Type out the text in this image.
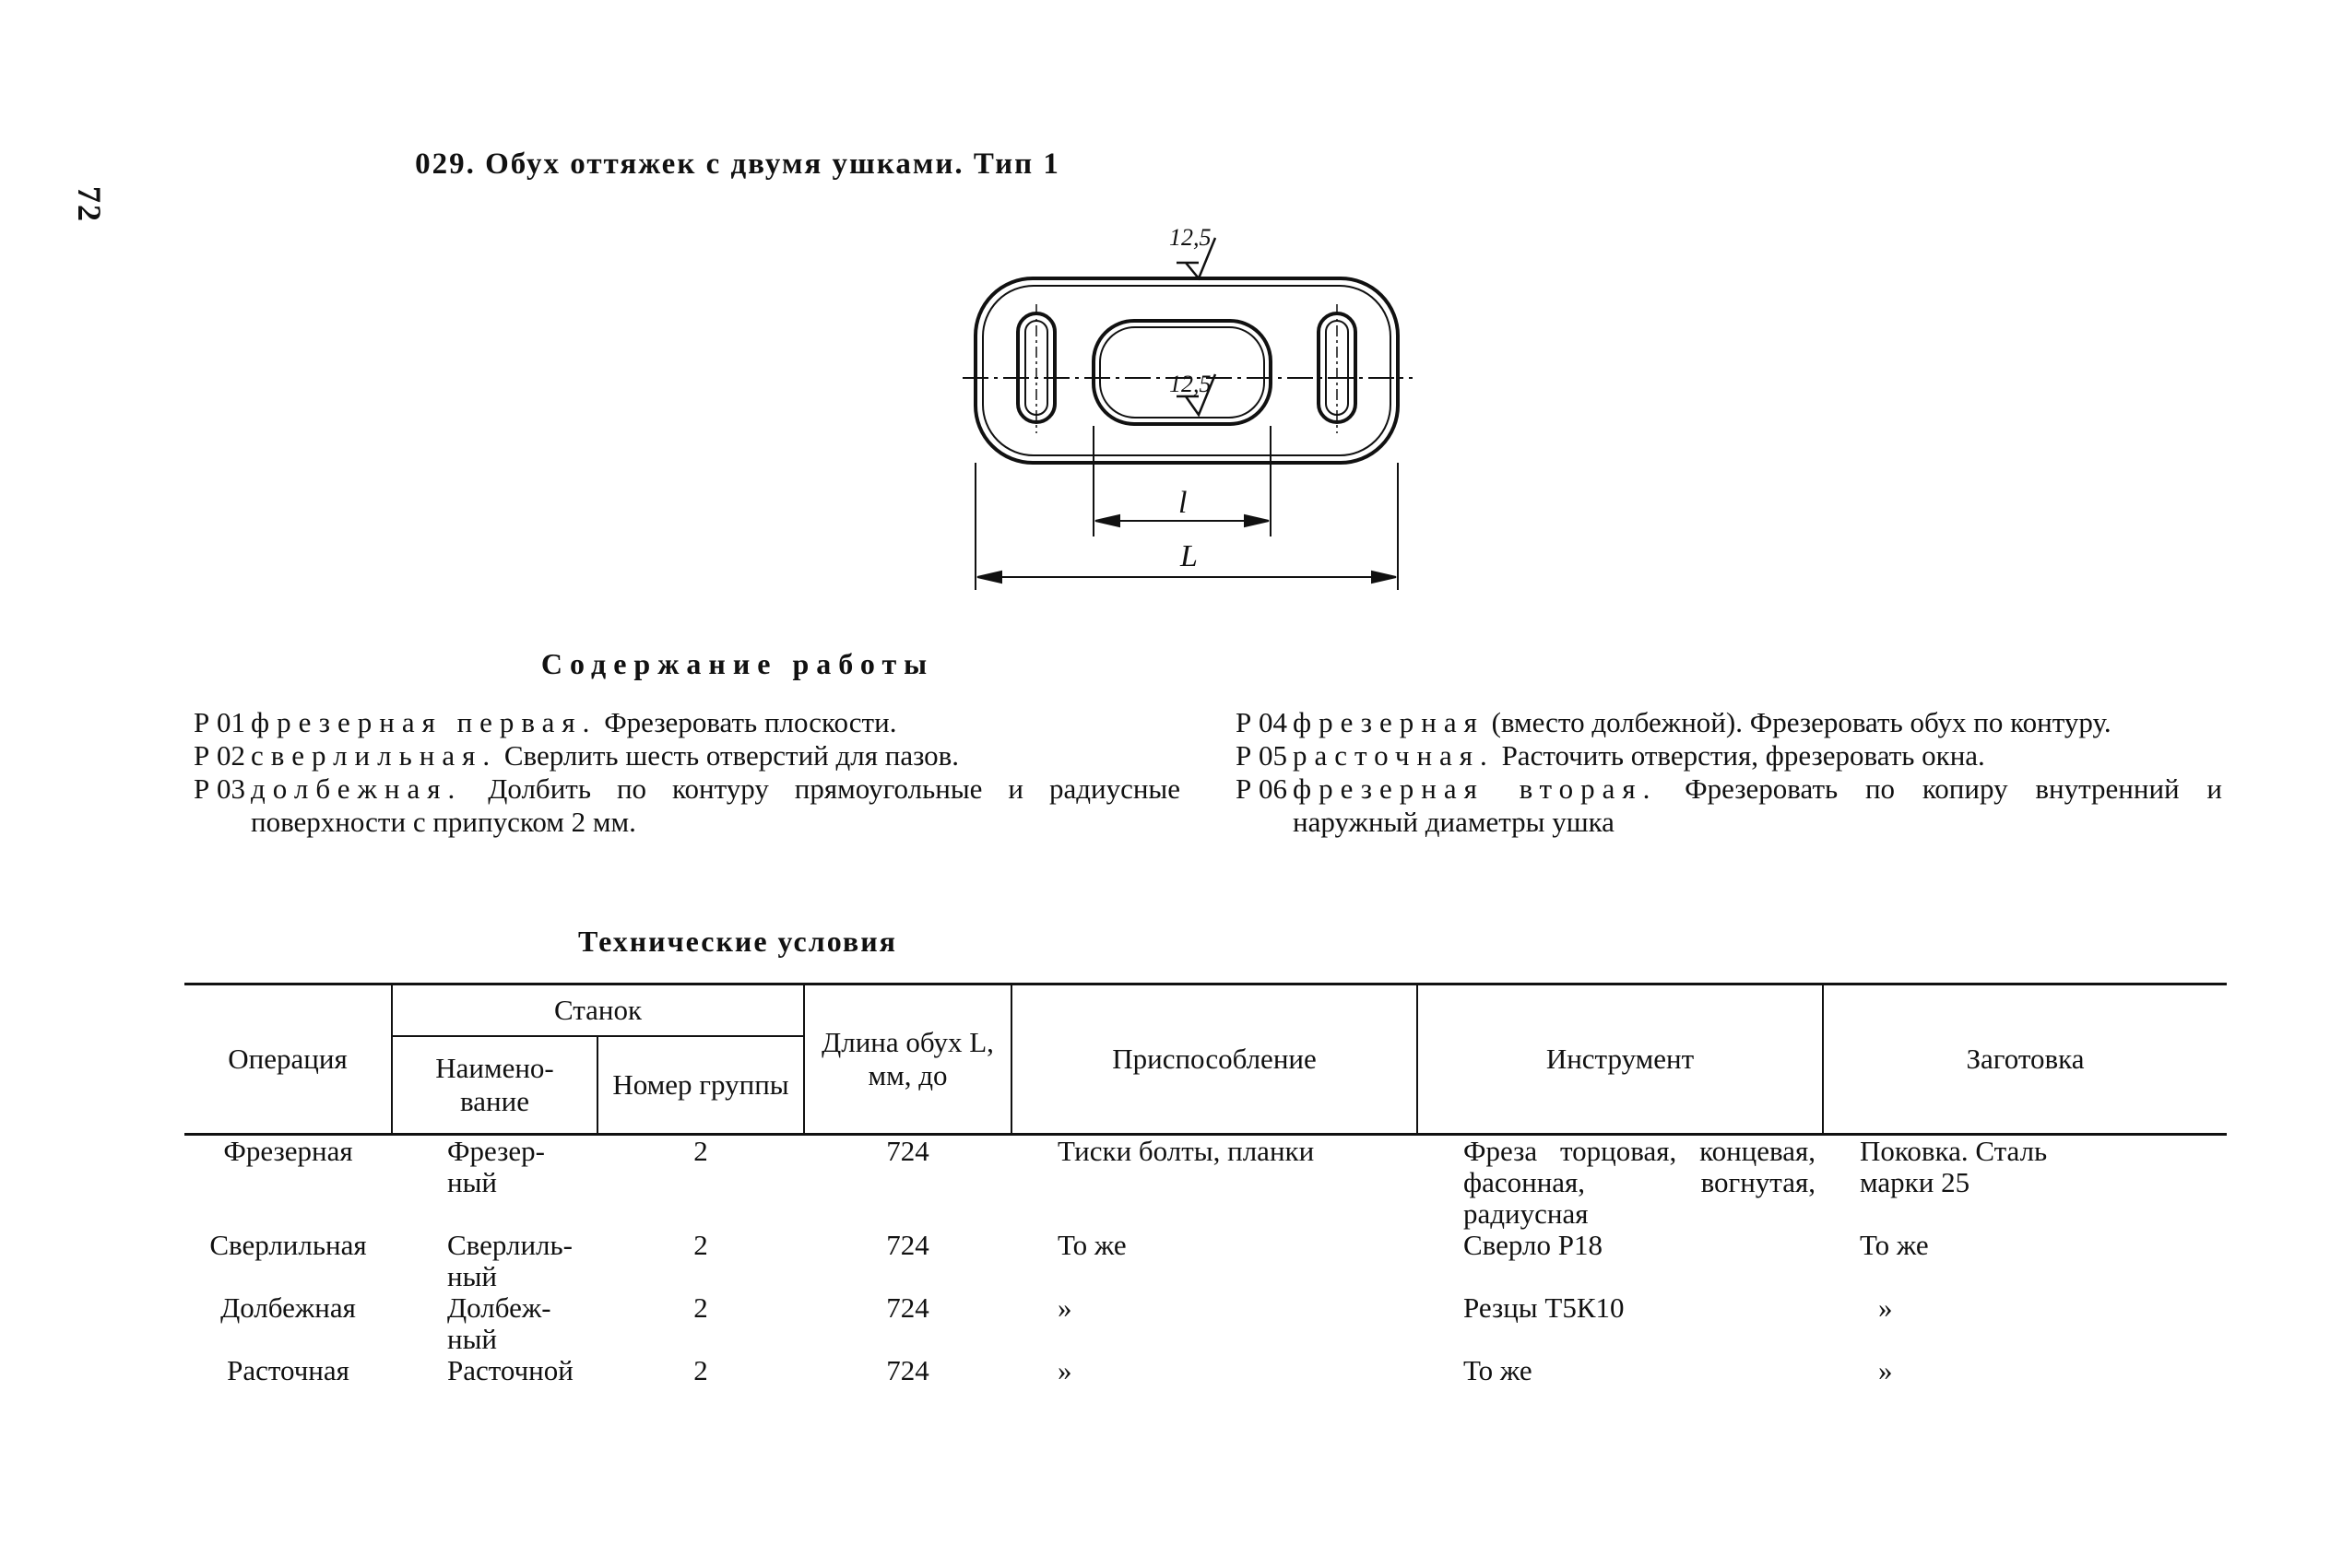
72
029. Обух оттяжек с двумя ушками. Тип 1
12,5
12,5
l
L
Содержание работы
Р 01 фрезерная первая. Фрезеровать плоскости.
Р 02 сверлильная. Сверлить шесть отверстий для пазов.
Р 03 долбежная. Долбить по контуру прямоугольные и радиусные поверхности с припуском 2 мм.
Р 04 фрезерная (вместо долбежной). Фрезеровать обух по контуру.
Р 05 расточная. Расточить отверстия, фрезеровать окна.
Р 06 фрезерная вторая. Фрезеровать по копиру внутренний и наружный диаметры ушка
Технические условия
Операция	Станок		Длина обух L, мм, до	Приспособление	Инструмент	Заготовка
	Наимено-вание	Номер группы				
Фрезерная	Фрезер-ный	2	724	Тиски болты, планки	Фреза торцовая, концевая, фасонная, вогнутая, радиусная	Поковка. Сталь марки 25
Сверлильная	Сверлиль-ный	2	724	То же	Сверло Р18	То же
Долбежная	Долбеж-ный	2	724	»	Резцы Т5К10	»
Расточная	Расточной	2	724	»	То же	»
